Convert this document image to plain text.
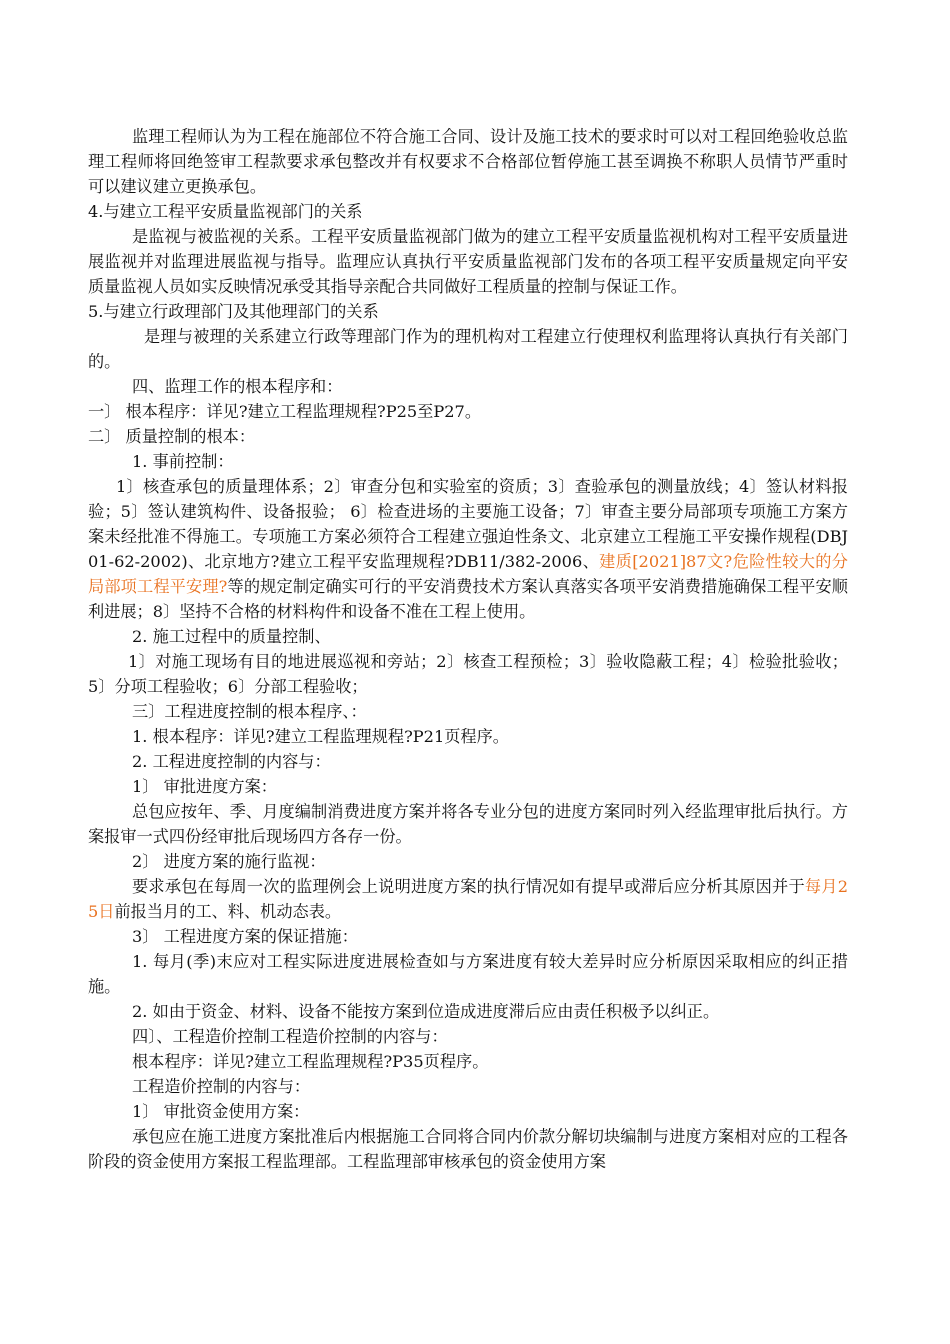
监理工程师认为为工程在施部位不符合施工合同、设计及施工技术的要求时可以对工程回绝验收总监理工程师将回绝签审工程款要求承包整改并有权要求不合格部位暂停施工甚至调换不称职人员情节严重时可以建议建立更换承包。

4.与建立工程平安质量监视部门的关系

是监视与被监视的关系。工程平安质量监视部门做为的建立工程平安质量监视机构对工程平安质量进展监视并对监理进展监视与指导。监理应认真执行平安质量监视部门发布的各项工程平安质量规定向平安质量监视人员如实反映情况承受其指导亲配合共同做好工程质量的控制与保证工作。

5.与建立行政理部门及其他理部门的关系

是理与被理的关系建立行政等理部门作为的理机构对工程建立行使理权利监理将认真执行有关部门的。

四、监理工作的根本程序和：

一〕 根本程序：详见?建立工程监理规程?P25至P27。

二〕 质量控制的根本：

1. 事前控制：

1〕核查承包的质量理体系；2〕审查分包和实验室的资质；3〕查验承包的测量放线；4〕签认材料报验；5〕签认建筑构件、设备报验； 6〕检查进场的主要施工设备；7〕审查主要分局部项专项施工方案方案未经批准不得施工。专项施工方案必须符合工程建立强迫性条文、北京建立工程施工平安操作规程(DBJ01-62-2002)、北京地方?建立工程平安监理规程?DB11/382-2006、建质[2021]87文?危险性较大的分局部项工程平安理?等的规定制定确实可行的平安消费技术方案认真落实各项平安消费措施确保工程平安顺利进展；8〕坚持不合格的材料构件和设备不准在工程上使用。

2. 施工过程中的质量控制、

1〕对施工现场有目的地进展巡视和旁站；2〕核查工程预检；3〕验收隐蔽工程；4〕检验批验收；5〕分项工程验收；6〕分部工程验收；

三〕工程进度控制的根本程序、：

1. 根本程序：详见?建立工程监理规程?P21页程序。

2. 工程进度控制的内容与：

1〕 审批进度方案：

总包应按年、季、月度编制消费进度方案并将各专业分包的进度方案同时列入经监理审批后执行。方案报审一式四份经审批后现场四方各存一份。

2〕 进度方案的施行监视：

要求承包在每周一次的监理例会上说明进度方案的执行情况如有提早或滞后应分析其原因并于每月25日前报当月的工、料、机动态表。

3〕 工程进度方案的保证措施：

1. 每月(季)末应对工程实际进度进展检查如与方案进度有较大差异时应分析原因采取相应的纠正措施。

2. 如由于资金、材料、设备不能按方案到位造成进度滞后应由责任积极予以纠正。

四〕、工程造价控制工程造价控制的内容与：

根本程序：详见?建立工程监理规程?P35页程序。

工程造价控制的内容与：

1〕 审批资金使用方案：

承包应在施工进度方案批准后内根据施工合同将合同内价款分解切块编制与进度方案相对应的工程各阶段的资金使用方案报工程监理部。工程监理部审核承包的资金使用方案
